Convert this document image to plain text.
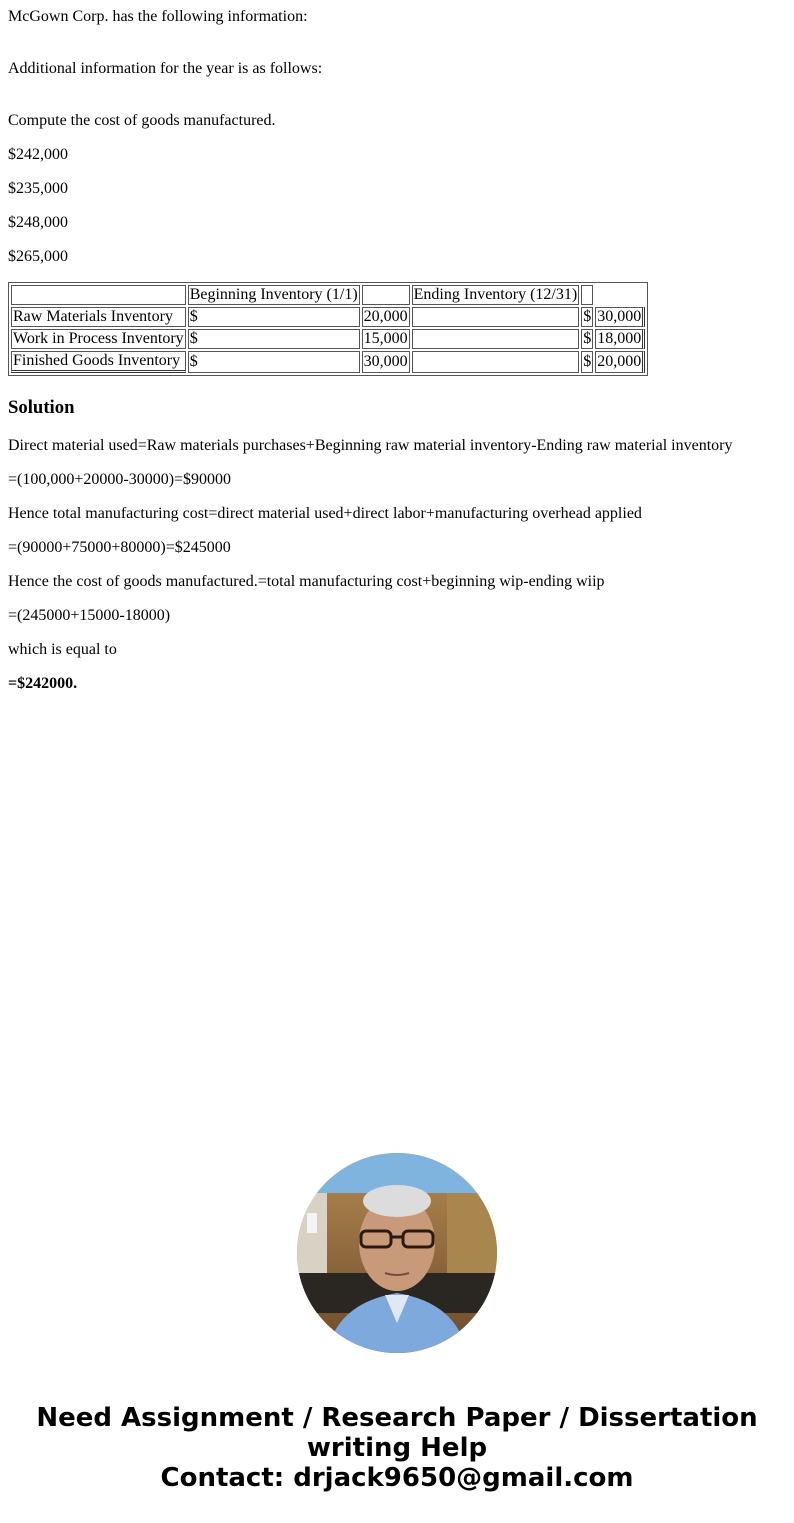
McGown Corp. has the following information:

Additional information for the year is as follows:

Compute the cost of goods manufactured.

$242,000

$235,000

$248,000

$265,000

	Beginning Inventory (1/1)		Ending Inventory (12/31)		
Raw Materials Inventory	$	20,000		$	30,000
Work in Process Inventory	$	15,000		$	18,000
Finished Goods Inventory	$	30,000		$	20,000
Solution

Direct material used=Raw materials purchases+Beginning raw material inventory-Ending raw material inventory

=(100,000+20000-30000)=$90000

Hence total manufacturing cost=direct material used+direct labor+manufacturing overhead applied

=(90000+75000+80000)=$245000

Hence the cost of goods manufactured.=total manufacturing cost+beginning wip-ending wiip

=(245000+15000-18000)

which is equal to

=$242000.

Need Assignment / Research Paper / Dissertation
writing Help
Contact: drjack9650@gmail.com
